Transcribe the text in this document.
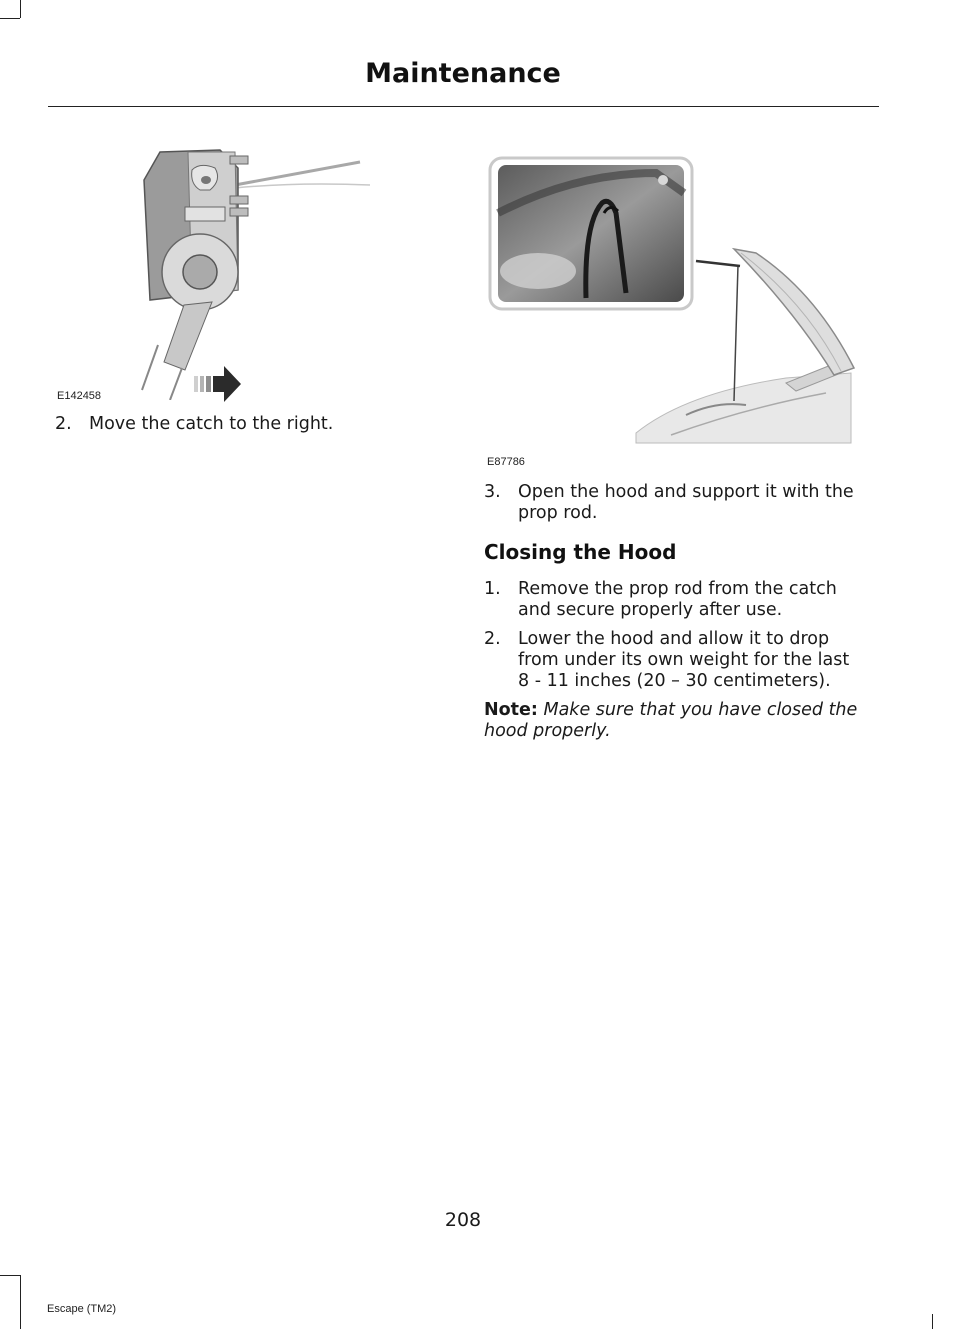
Maintenance
E142458
2. Move the catch to the right.
E87786
3. Open the hood and support it with the
prop rod.
Closing the Hood
1. Remove the prop rod from the catch
and secure properly after use.
2. Lower the hood and allow it to drop
from under its own weight for the last
8 - 11 inches (20 – 30 centimeters).
Note: Make sure that you have closed the
hood properly.
208
Escape (TM2)
